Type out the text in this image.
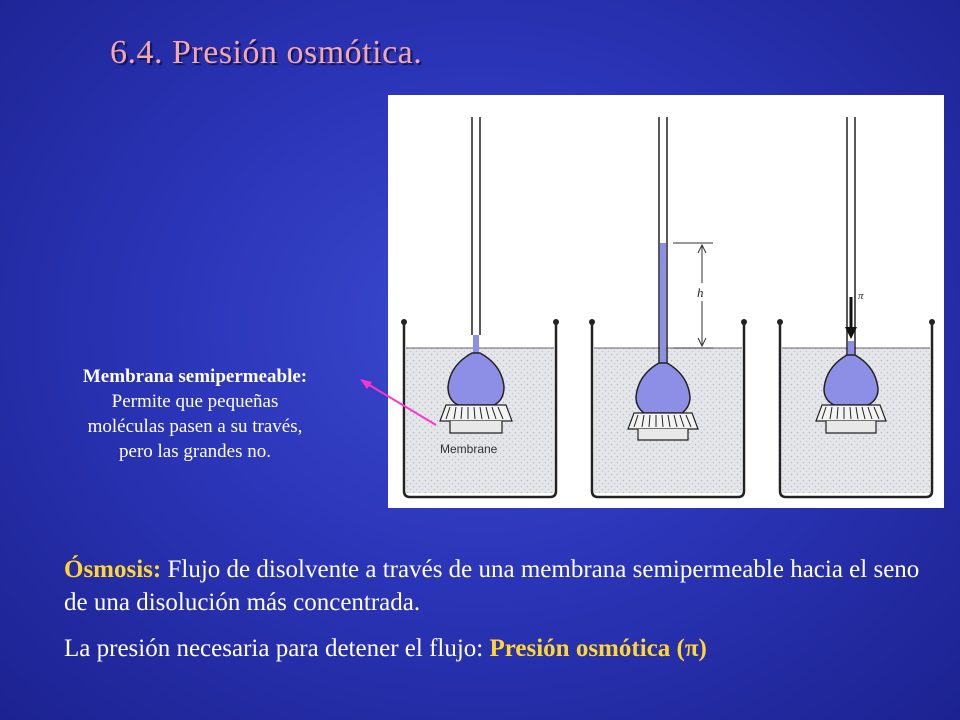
6.4. Presión osmótica.
Membrane
h	π
Membrana semipermeable:
Permite que pequeñas
moléculas pasen a su través,
pero las grandes no.

Ósmosis: Flujo de disolvente a través de una membrana semipermeable hacia el seno de una disolución más concentrada.

La presión necesaria para detener el flujo: Presión osmótica (π)
